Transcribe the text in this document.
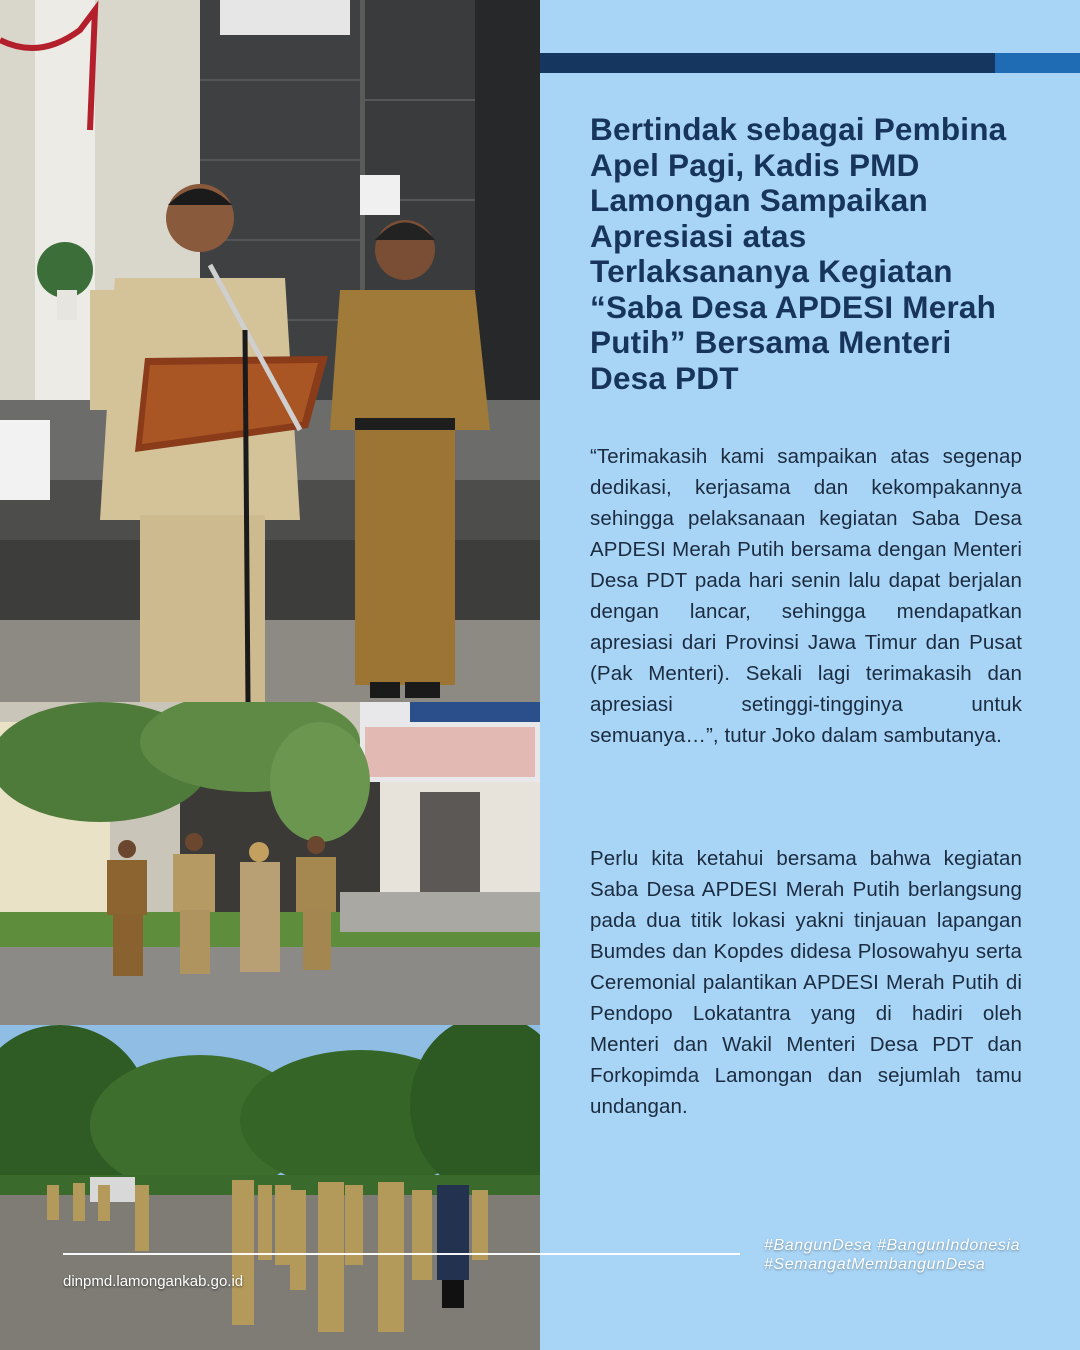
Bertindak sebagai Pembina Apel Pagi, Kadis PMD Lamongan Sampaikan Apresiasi atas Terlaksananya Kegiatan “Saba Desa APDESI Merah Putih” Bersama Menteri Desa PDT

“Terimakasih kami sampaikan atas segenap dedikasi, kerjasama dan kekompakannya sehingga pelaksanaan kegiatan Saba Desa APDESI Merah Putih bersama dengan Menteri Desa PDT pada hari senin lalu dapat berjalan dengan lancar, sehingga mendapatkan apresiasi dari Provinsi Jawa Timur dan Pusat (Pak Menteri). Sekali lagi terimakasih dan apresiasi setinggi-tingginya untuk semuanya…”, tutur Joko dalam sambutanya.

Perlu kita ketahui bersama bahwa kegiatan Saba Desa APDESI Merah Putih berlangsung pada dua titik lokasi yakni tinjauan lapangan Bumdes dan Kopdes didesa Plosowahyu serta Ceremonial palantikan APDESI Merah Putih di Pendopo Lokatantra yang di hadiri oleh Menteri dan Wakil Menteri Desa PDT dan Forkopimda Lamongan dan sejumlah tamu undangan.

dinpmd.lamongankab.go.id
#BangunDesa #BangunIndonesia
#SemangatMembangunDesa
